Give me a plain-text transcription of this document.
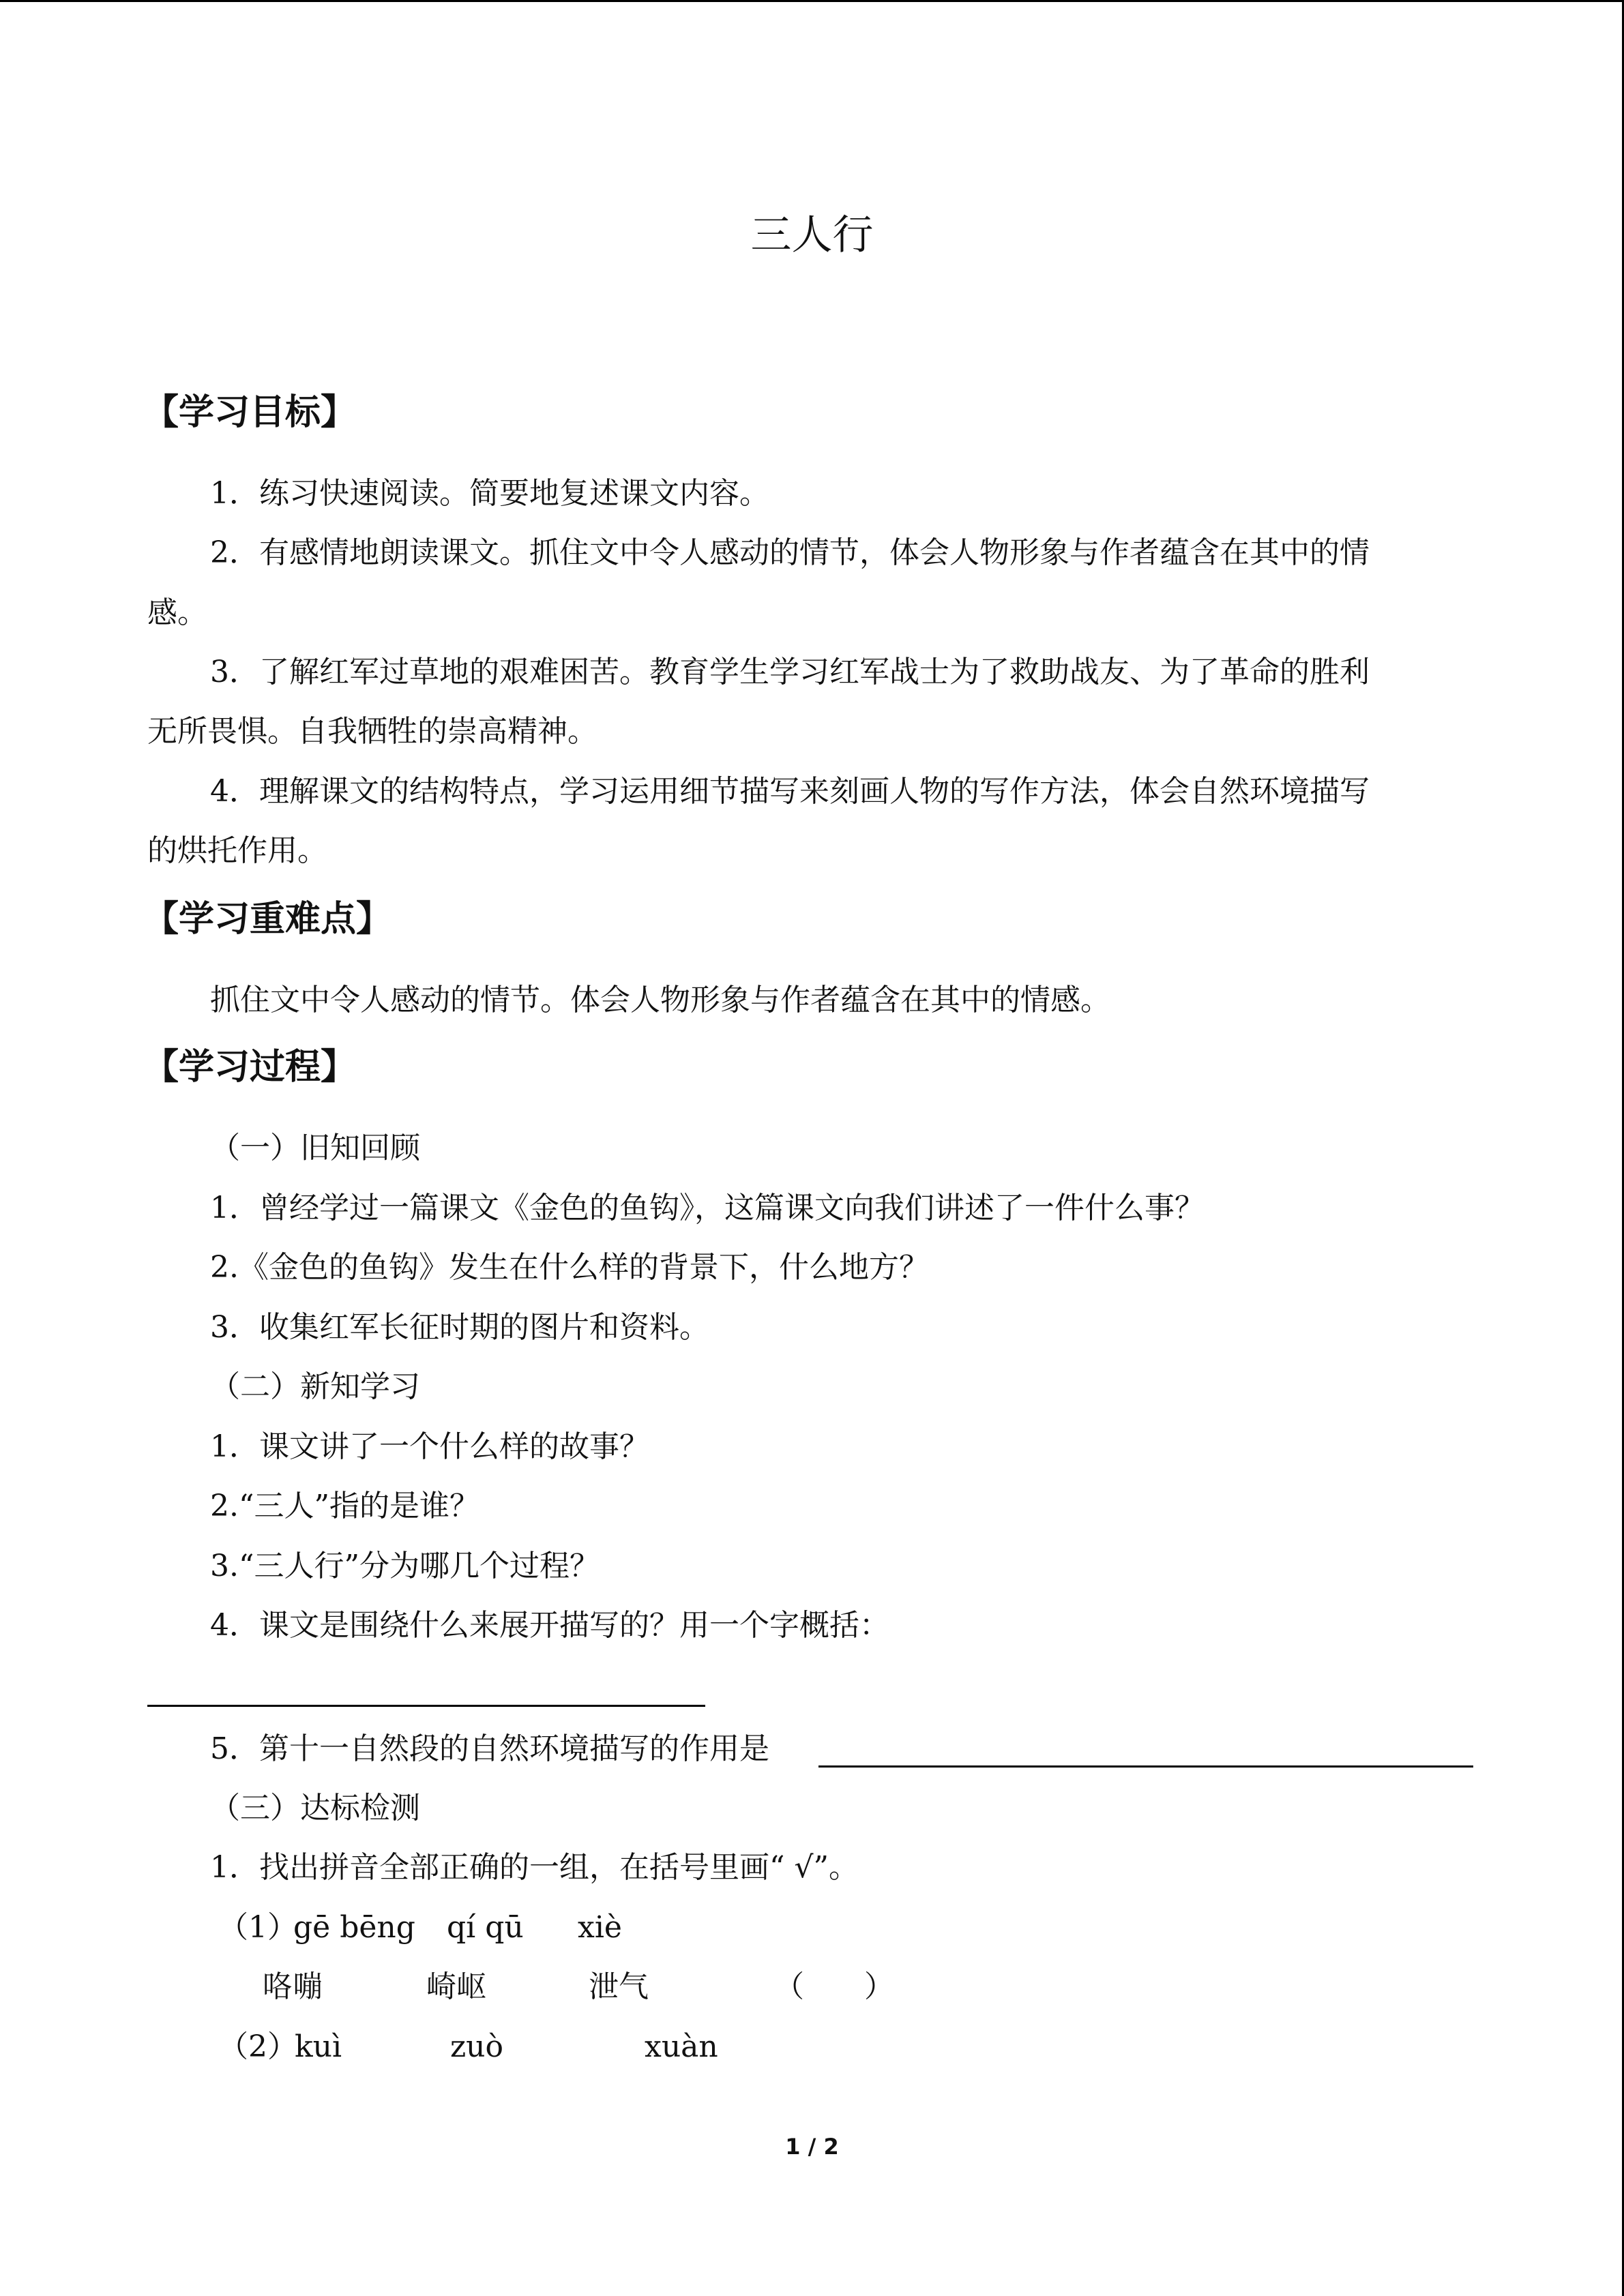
三人行
【学习目标】
1．练习快速阅读。简要地复述课文内容。
2．有感情地朗读课文。抓住文中令人感动的情节，体会人物形象与作者蕴含在其中的情
感。
3．了解红军过草地的艰难困苦。教育学生学习红军战士为了救助战友、为了革命的胜利
无所畏惧。自我牺牲的崇高精神。
4．理解课文的结构特点，学习运用细节描写来刻画人物的写作方法，体会自然环境描写
的烘托作用。
【学习重难点】
抓住文中令人感动的情节。体会人物形象与作者蕴含在其中的情感。
【学习过程】
（一）旧知回顾
1．曾经学过一篇课文《金色的鱼钩》，这篇课文向我们讲述了一件什么事？
2.《金色的鱼钩》发生在什么样的背景下，什么地方？
3．收集红军长征时期的图片和资料。
（二）新知学习
1．课文讲了一个什么样的故事？
2.“三人”指的是谁？
3.“三人行”分为哪几个过程？
4．课文是围绕什么来展开描写的？用一个字概括：
5．第十一自然段的自然环境描写的作用是
（三）达标检测
1．找出拼音全部正确的一组，在括号里画“ √”。
（1）
gē bēng qí qū xiè
咯嘣	崎岖	泄气	（　　）
（2）
kuì	zuò	xuàn
1 / 2
